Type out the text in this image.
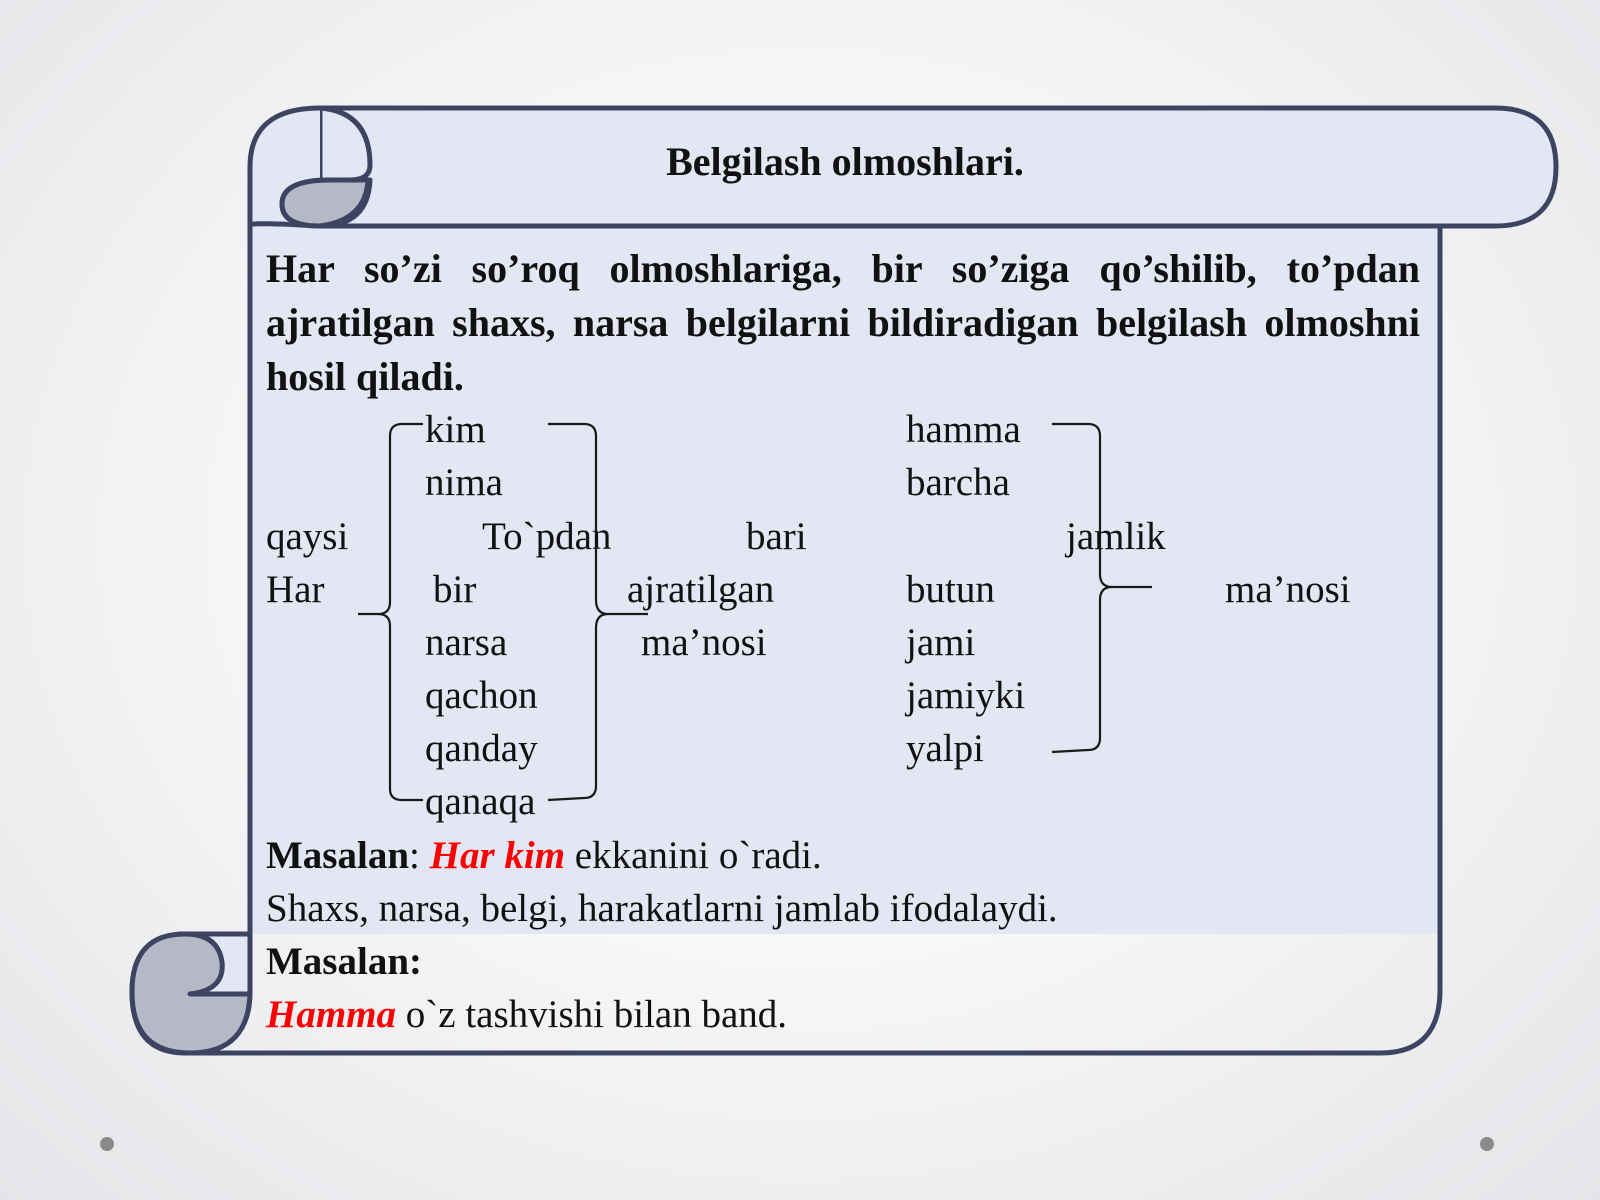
Belgilash olmoshlari.
Har so’zi so’roq olmoshlariga, bir so’ziga qo’shilib, to’pdan ajratilgan shaxs, narsa belgilarni bildiradigan belgilash olmoshni hosil qiladi.
qaysi
Har
kim
nima
bir
narsa
qachon
qanday
qanaqa
To`pdan
ajratilgan
ma’nosi
bari
hamma
barcha
butun
jami
jamiyki
yalpi
jamlik
ma’nosi
Masalan: Har kim ekkanini o`radi.
Shaxs, narsa, belgi, harakatlarni jamlab ifodalaydi.
Masalan:
Hamma o`z tashvishi bilan band.
